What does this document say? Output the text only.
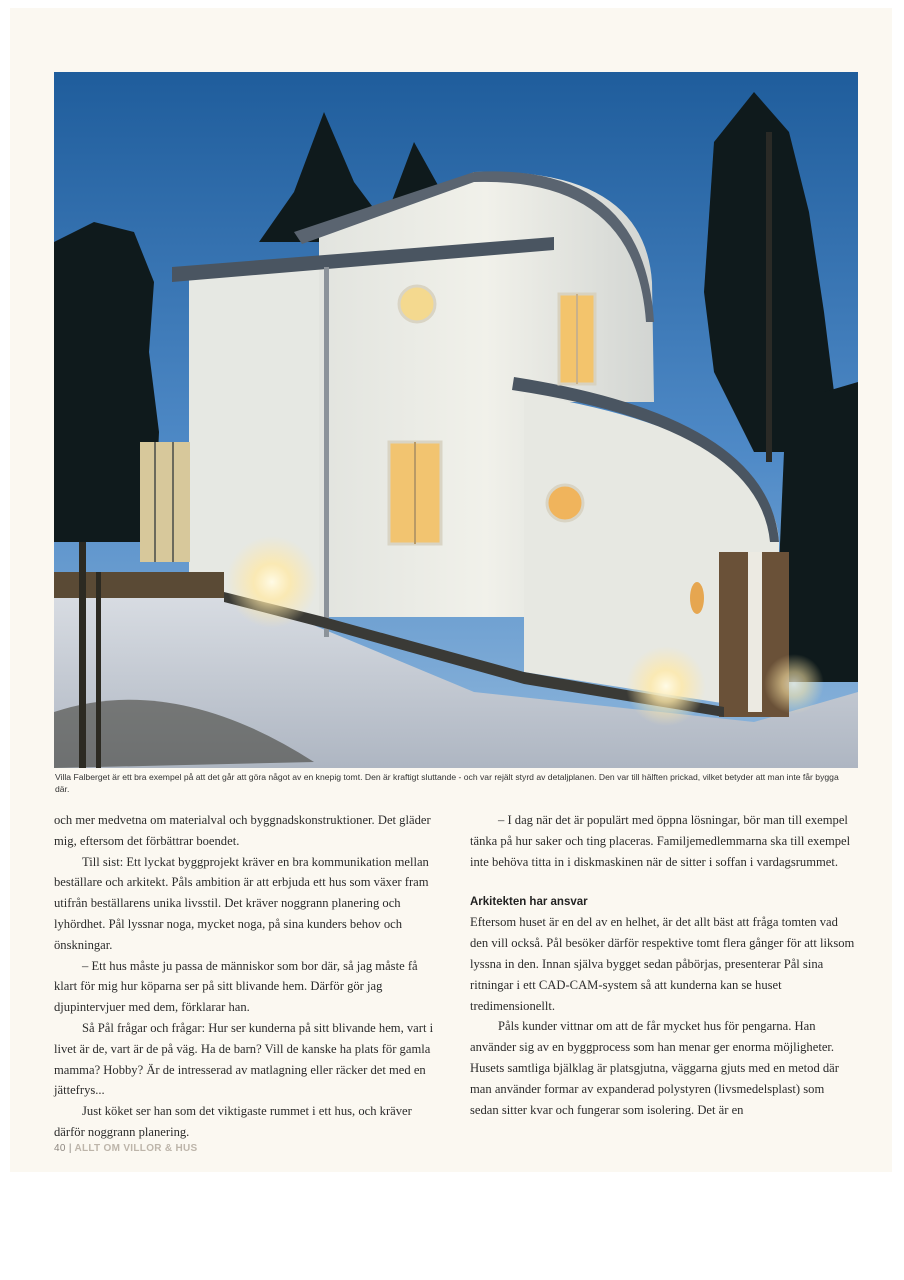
Villa Falberget är ett bra exempel på att det går att göra något av en knepig tomt. Den är kraftigt sluttande - och var rejält styrd av detaljplanen. Den var till hälften prickad, vilket betyder att man inte får bygga där.

och mer medvetna om materialval och byggnadskonstruktioner. Det gläder mig, eftersom det förbättrar boendet.

Till sist: Ett lyckat byggprojekt kräver en bra kommunikation mellan beställare och arkitekt. Påls ambition är att erbjuda ett hus som växer fram utifrån beställarens unika livsstil. Det kräver noggrann planering och lyhördhet. Pål lyssnar noga, mycket noga, på sina kunders behov och önskningar.

– Ett hus måste ju passa de människor som bor där, så jag måste få klart för mig hur köparna ser på sitt blivande hem. Därför gör jag djupintervjuer med dem, förklarar han.

Så Pål frågar och frågar: Hur ser kunderna på sitt blivande hem, vart i livet är de, vart är de på väg. Ha de barn? Vill de kanske ha plats för gamla mamma? Hobby? Är de intresserad av matlagning eller räcker det med en jättefrys...

Just köket ser han som det viktigaste rummet i ett hus, och kräver därför noggrann planering.

– I dag när det är populärt med öppna lösningar, bör man till exempel tänka på hur saker och ting placeras. Familjemedlemmarna ska till exempel inte behöva titta in i diskmaskinen när de sitter i soffan i vardagsrummet.

Arkitekten har ansvar

Eftersom huset är en del av en helhet, är det allt bäst att fråga tomten vad den vill också. Pål besöker därför respektive tomt flera gånger för att liksom lyssna in den. Innan själva bygget sedan påbörjas, presenterar Pål sina ritningar i ett CAD-CAM-system så att kunderna kan se huset tredimensionellt.

Påls kunder vittnar om att de får mycket hus för pengarna. Han använder sig av en byggprocess som han menar ger enorma möjligheter. Husets samtliga bjälklag är platsgjutna, väggarna gjuts med en metod där man använder formar av expanderad polystyren (livsmedelsplast) som sedan sitter kvar och fungerar som isolering. Det är en

40 | ALLT OM VILLOR & HUS
